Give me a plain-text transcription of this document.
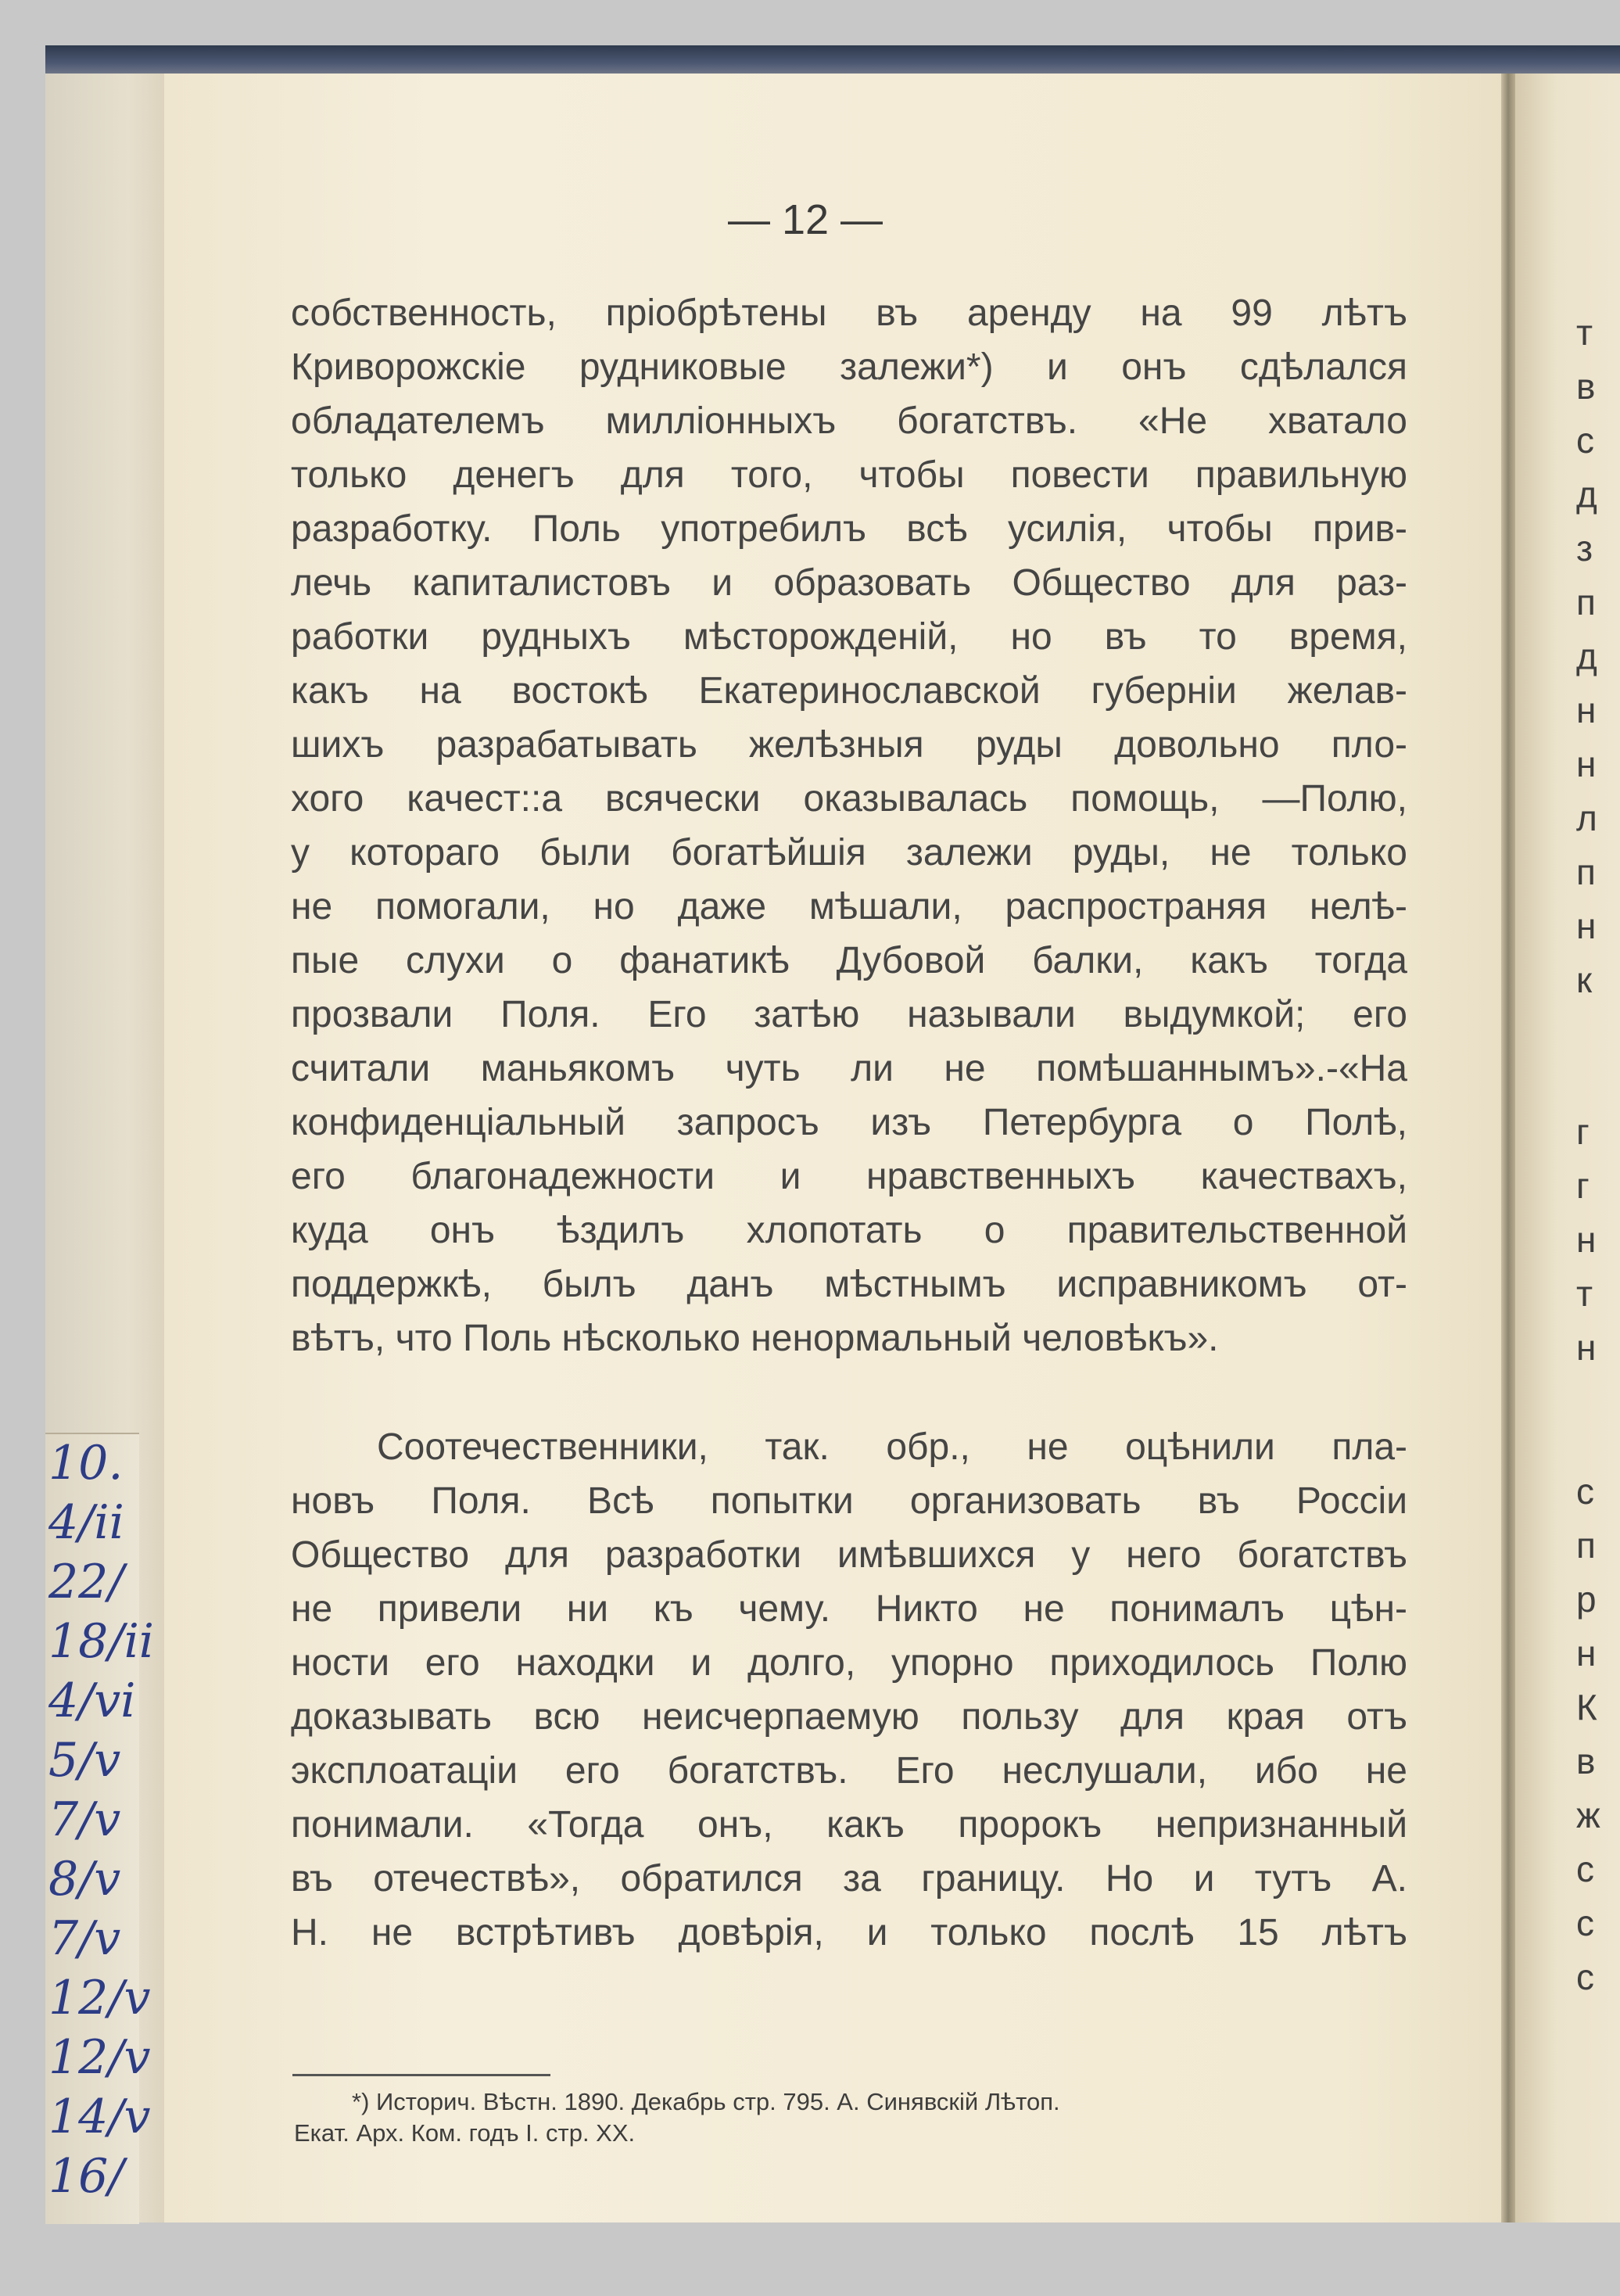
— 12 —
собственность, пріобрѣтены въ аренду на 99 лѣтъ
Криворожскіе рудниковые залежи*) и онъ сдѣлался
обладателемъ милліонныхъ богатствъ. «Не хватало
только денегъ для того, чтобы повести правильную
разработку. Поль употребилъ всѣ усилія, чтобы прив-
лечь капиталистовъ и образовать Общество для раз-
работки рудныхъ мѣсторожденій, но въ то время,
какъ на востокѣ Екатеринославской губерніи желав-
шихъ разрабатывать желѣзныя руды довольно пло-
хого качест::а всячески оказывалась помощь, —Полю,
у котораго были богатѣйшія залежи руды, не только
не помогали, но даже мѣшали, распространяя нелѣ-
пые слухи о фанатикѣ Дубовой балки, какъ тогда
прозвали Поля. Его затѣю называли выдумкой; его
считали маньякомъ чуть ли не помѣшаннымъ».-«На
конфиденціальный запросъ изъ Петербурга о Полѣ,
его благонадежности и нравственныхъ качествахъ,
куда онъ ѣздилъ хлопотать о правительственной
поддержкѣ, былъ данъ мѣстнымъ исправникомъ от-
вѣтъ, что Поль нѣсколько ненормальный человѣкъ».
Соотечественники, так. обр., не оцѣнили пла-
новъ Поля. Всѣ попытки организовать въ Россіи
Общество для разработки имѣвшихся у него богатствъ
не привели ни къ чему. Никто не понималъ цѣн-
ности его находки и долго, упорно приходилось Полю
доказывать всю неисчерпаемую пользу для края отъ
эксплоатаціи его богатствъ. Его неслушали, ибо не
понимали. «Тогда онъ, какъ пророкъ непризнанный
въ отечествѣ», обратился за границу. Но и тутъ А.
Н. не встрѣтивъ довѣрія, и только послѣ 15 лѣтъ
*) Историч. Вѣстн. 1890. Декабрь стр. 795. А. Синявскій Лѣтоп.
Екат. Арх. Ком. годъ I. стр. XX.
т
в
с
д
з
п
д
н
н
л
п
н
к
г
г
н
т
н
с
п
р
н
К
в
ж
с
с
с
10.
4/ii
22/
18/ii
4/vi
5/v
7/v
8/v
7/v
12/v
12/v
14/v
16/
